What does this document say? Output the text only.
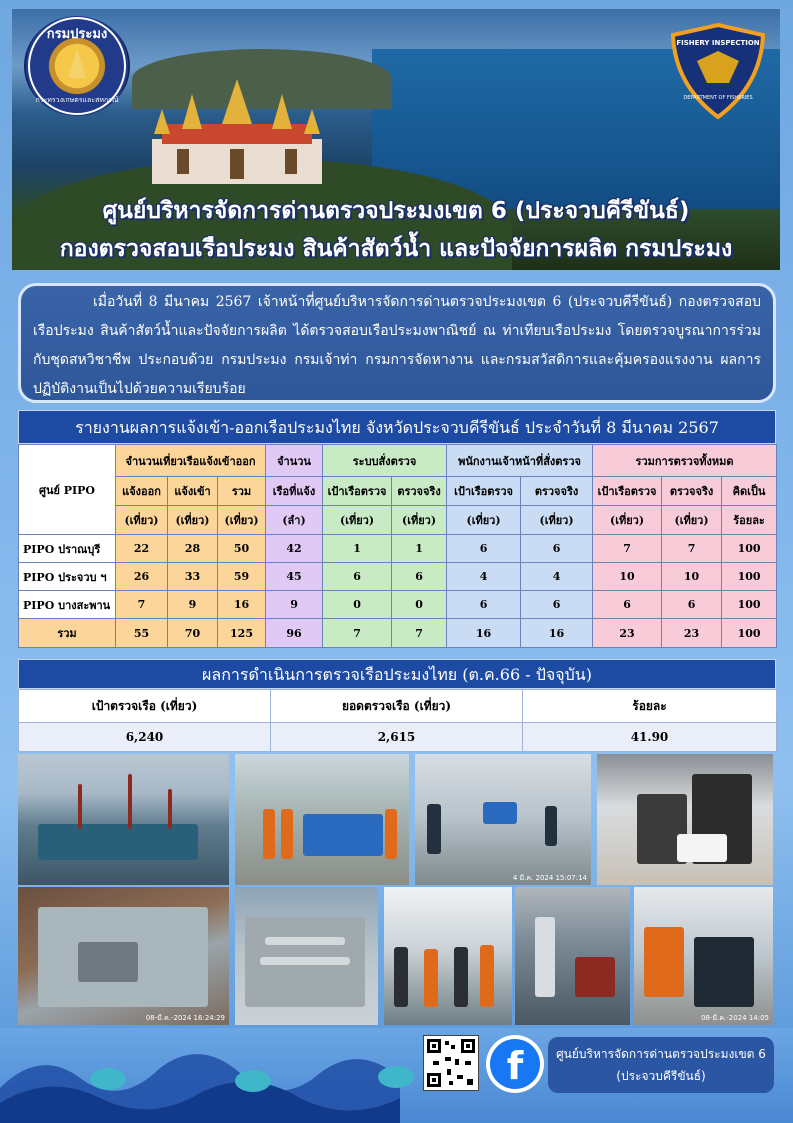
กรมประมง
กระทรวงเกษตรและสหกรณ์
FISHERY INSPECTION
DEPARTMENT OF FISHERIES
ศูนย์บริหารจัดการด่านตรวจประมงเขต 6 (ประจวบคีรีขันธ์)
กองตรวจสอบเรือประมง สินค้าสัตว์น้ำ และปัจจัยการผลิต กรมประมง
เมื่อวันที่ 8 มีนาคม 2567 เจ้าหน้าที่ศูนย์บริหารจัดการด่านตรวจประมงเขต 6 (ประจวบคีรีขันธ์) กองตรวจสอบเรือประมง สินค้าสัตว์น้ำและปัจจัยการผลิต ได้ตรวจสอบเรือประมงพาณิชย์ ณ ท่าเทียบเรือประมง โดยตรวจบูรณาการร่วมกับชุดสหวิชาชีพ ประกอบด้วย กรมประมง กรมเจ้าท่า กรมการจัดหางาน และกรมสวัสดิการและคุ้มครองแรงงาน ผลการปฏิบัติงานเป็นไปด้วยความเรียบร้อย
รายงานผลการแจ้งเข้า-ออกเรือประมงไทย จังหวัดประจวบคีรีขันธ์ ประจำวันที่ 8 มีนาคม 2567
ศูนย์ PIPO	จำนวนเที่ยวเรือแจ้งเข้าออก			จำนวน	ระบบสั่งตรวจ		พนักงานเจ้าหน้าที่สั่งตรวจ		รวมการตรวจทั้งหมด		
	แจ้งออก	แจ้งเข้า	รวม	เรือที่แจ้ง	เป้าเรือตรวจ	ตรวจจริง	เป้าเรือตรวจ	ตรวจจริง	เป้าเรือตรวจ	ตรวจจริง	คิดเป็น
	(เที่ยว)	(เที่ยว)	(เที่ยว)	(ลำ)	(เที่ยว)	(เที่ยว)	(เที่ยว)	(เที่ยว)	(เที่ยว)	(เที่ยว)	ร้อยละ
PIPO ปราณบุรี	22	28	50	42	1	1	6	6	7	7	100
PIPO ประจวบ ฯ	26	33	59	45	6	6	4	4	10	10	100
PIPO บางสะพาน	7	9	16	9	0	0	6	6	6	6	100
รวม	55	70	125	96	7	7	16	16	23	23	100
ผลการดำเนินการตรวจเรือประมงไทย (ต.ค.66 - ปัจจุบัน)
เป้าตรวจเรือ (เที่ยว)	ยอดตรวจเรือ (เที่ยว)	ร้อยละ
6,240	2,615	41.90
4 มี.ค. 2024 15:07:14
08-มี.ค.-2024 16:24:29	08-มี.ค.-2024 14:05
f	ศูนย์บริหารจัดการด่านตรวจประมงเขต 6
(ประจวบคีรีขันธ์)
